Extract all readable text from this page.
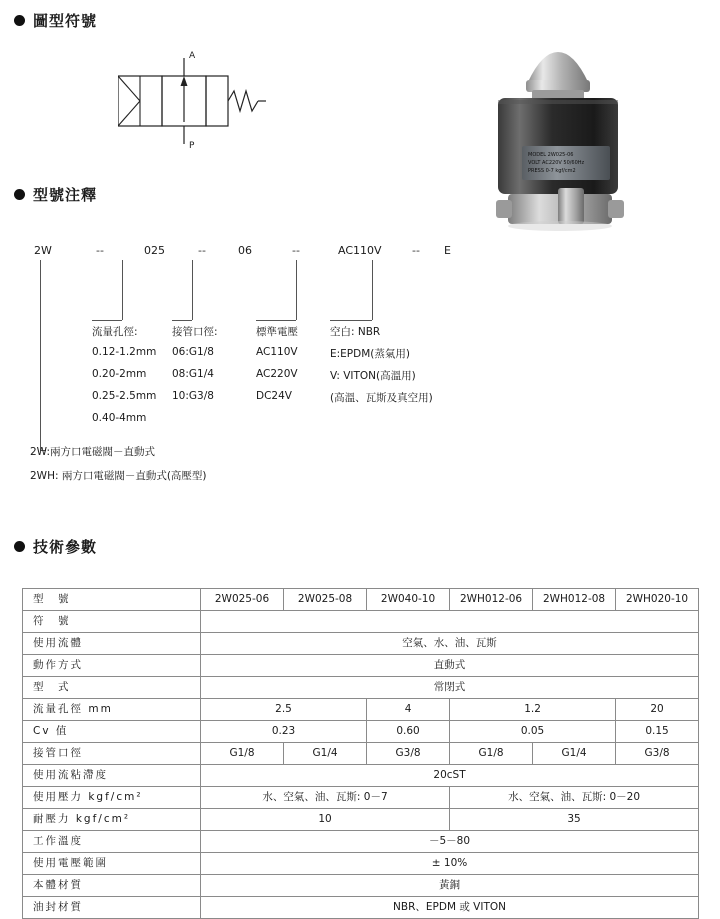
圖型符號
A
P
MODEL 2W025-06
VOLT AC220V 50/60Hz
PRESS 0-7 kgf/cm2
型號注釋
2W	--	025	--	06	--	AC110V	-- E
流量孔徑:	接管口徑:	標準電壓	空白: NBR
0.12-1.2mm
0.20-2mm
0.25-2.5mm
0.40-4mm
06:G1/8
08:G1/4
10:G3/8
AC110V
AC220V
DC24V
E:EPDM(蒸氣用)
V: VITON(高溫用)
(高溫、瓦斯及真空用)
2W:兩方口電磁閥－直動式
2WH: 兩方口電磁閥－直動式(高壓型)
技術參數
型　號	2W025-06	2W025-08	2W040-10	2WH012-06	2WH012-08	2WH020-10
符　號						
使用流體	空氣、水、油、瓦斯					
動作方式	直動式					
型　式	常閉式					
流量孔徑 mm	2.5		4	1.2		20
Cv 值	0.23		0.60	0.05		0.15
接管口徑	G1/8	G1/4	G3/8	G1/8	G1/4	G3/8
使用流粘滯度	20cST					
使用壓力 kgf/cm²	水、空氣、油、瓦斯: 0－7			水、空氣、油、瓦斯: 0－20		
耐壓力 kgf/cm²	10			35		
工作溫度	－5－80					
使用電壓範圍	± 10%					
本體材質	黃銅					
油封材質	NBR、EPDM 或 VITON					
